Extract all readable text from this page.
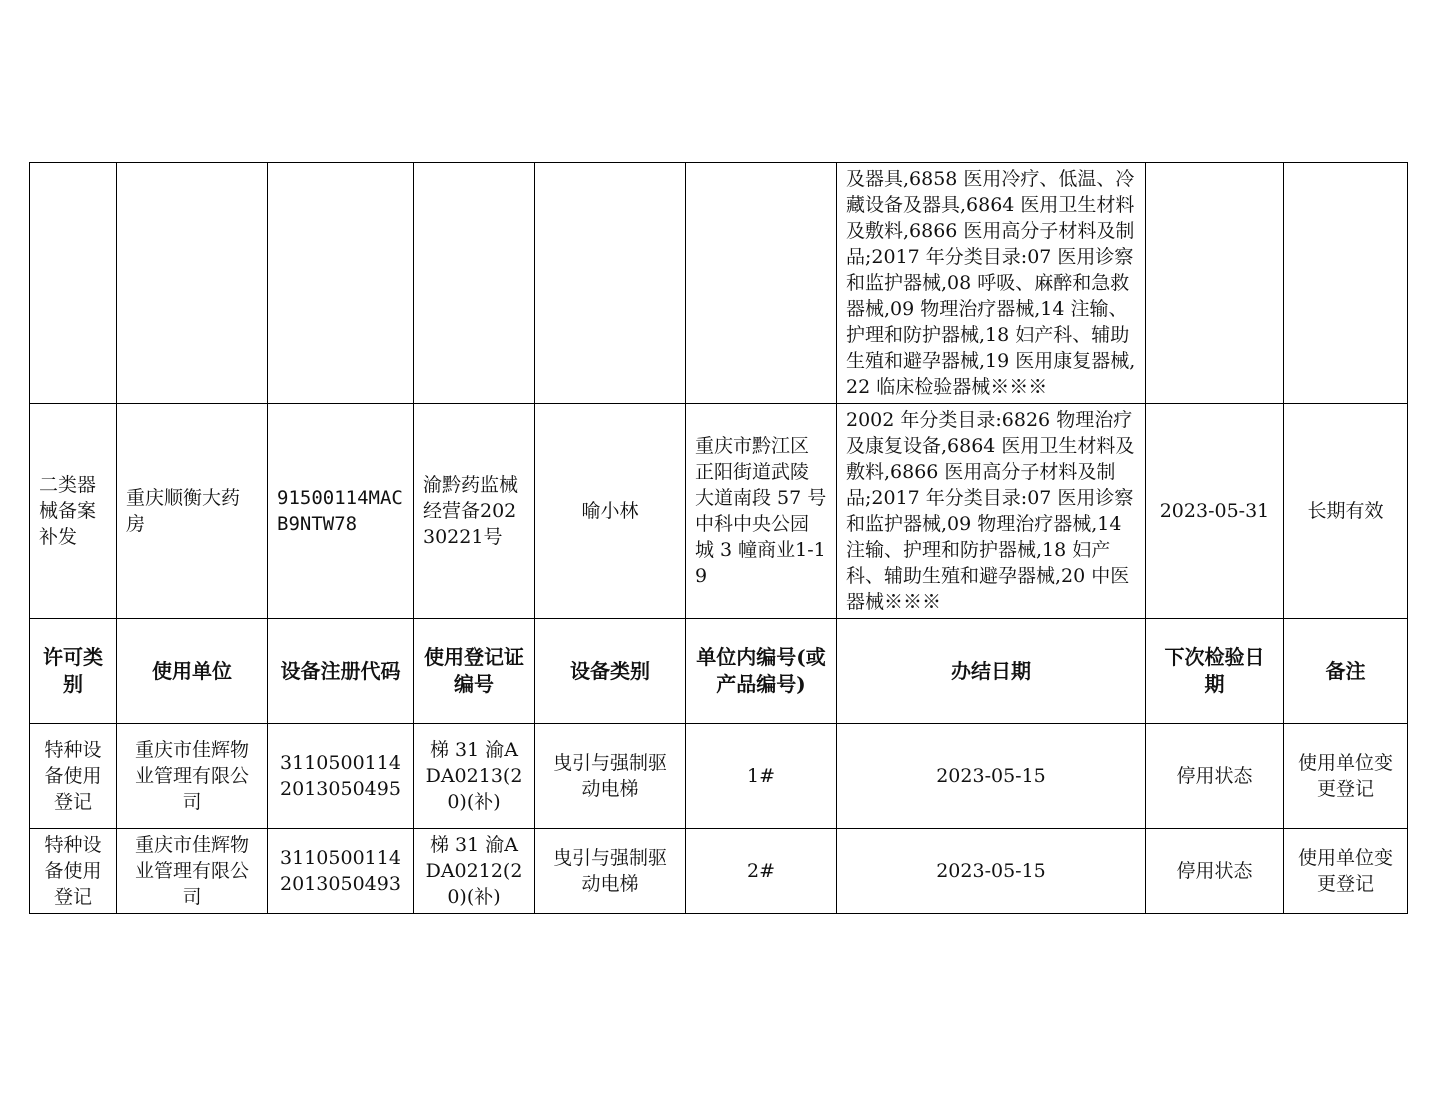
						及器具,6858 医用冷疗、低温、冷藏设备及器具,6864 医用卫生材料及敷料,6866 医用高分子材料及制品;2017 年分类目录:07 医用诊察和监护器械,08 呼吸、麻醉和急救器械,09 物理治疗器械,14 注输、护理和防护器械,18 妇产科、辅助生殖和避孕器械,19 医用康复器械,22 临床检验器械※※※		
二类器械备案补发	重庆顺衡大药房	91500114MACB9NTW78	渝黔药监械经营备20230221号	喻小林	重庆市黔江区正阳街道武陵大道南段 57 号中科中央公园城 3 幢商业1-19	2002 年分类目录:6826 物理治疗及康复设备,6864 医用卫生材料及敷料,6866 医用高分子材料及制品;2017 年分类目录:07 医用诊察和监护器械,09 物理治疗器械,14 注输、护理和防护器械,18 妇产科、辅助生殖和避孕器械,20 中医器械※※※	2023-05-31	长期有效
许可类别	使用单位	设备注册代码	使用登记证编号	设备类别	单位内编号(或产品编号)	办结日期	下次检验日期	备注
特种设备使用登记	重庆市佳辉物业管理有限公司	31105001142013050495	梯 31 渝ADA0213(20)(补)	曳引与强制驱动电梯	1#	2023-05-15	停用状态	使用单位变更登记
特种设备使用登记	重庆市佳辉物业管理有限公司	31105001142013050493	梯 31 渝ADA0212(20)(补)	曳引与强制驱动电梯	2#	2023-05-15	停用状态	使用单位变更登记
